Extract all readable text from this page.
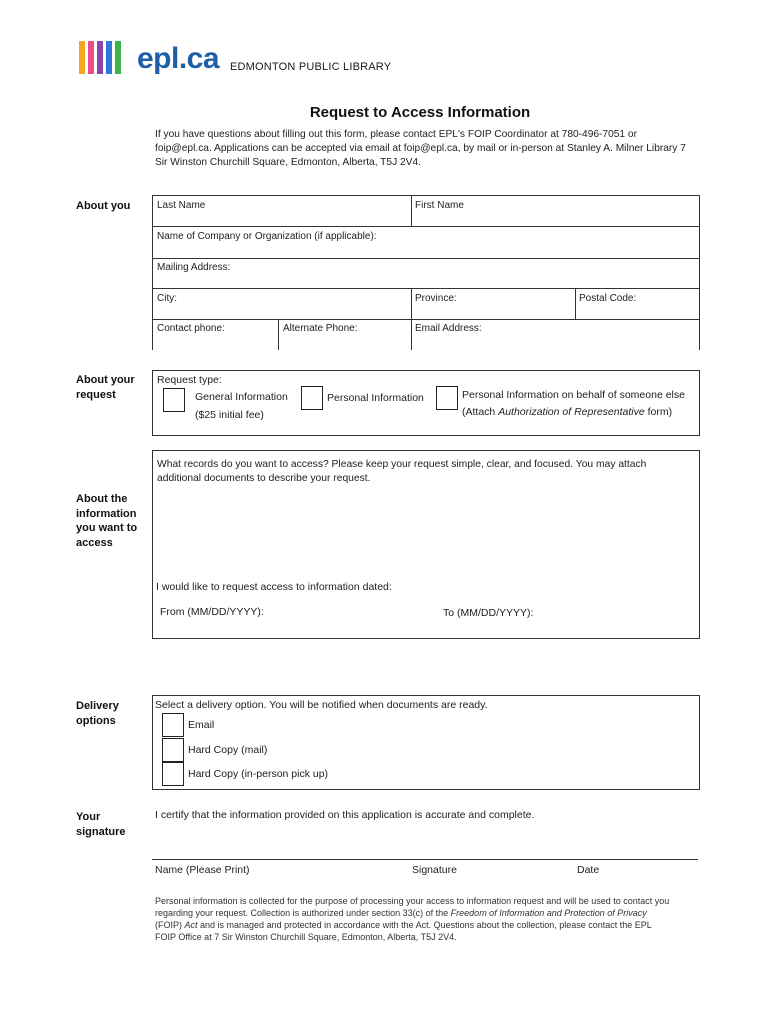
epl.ca EDMONTON PUBLIC LIBRARY
Request to Access Information
If you have questions about filling out this form, please contact EPL's FOIP Coordinator at 780-496-7051 or foip@epl.ca. Applications can be accepted via email at foip@epl.ca, by mail or in-person at Stanley A. Milner Library 7 Sir Winston Churchill Square, Edmonton, Alberta, T5J 2V4.
About you	Last Name	First Name
Name of Company or Organization (if applicable):
Mailing Address:
City:	Province:	Postal Code:
Contact phone:	Alternate Phone:	Email Address:
About your
request
Request type:
General Information
($25 initial fee)
Personal Information	Personal Information on behalf of someone else
(Attach Authorization of Representative form)
About the
information
you want to
access
What records do you want to access? Please keep your request simple, clear, and focused. You may attach additional documents to describe your request.
I would like to request access to information dated:
From (MM/DD/YYYY):	To (MM/DD/YYYY):
Delivery
options
Select a delivery option. You will be notified when documents are ready.
Email
Hard Copy (mail)
Hard Copy (in-person pick up)
Your
signature
I certify that the information provided on this application is accurate and complete.
Name (Please Print)	Signature	Date
Personal information is collected for the purpose of processing your access to information request and will be used to contact you regarding your request. Collection is authorized under section 33(c) of the Freedom of Information and Protection of Privacy (FOIP) Act and is managed and protected in accordance with the Act. Questions about the collection, please contact the EPL FOIP Office at 7 Sir Winston Churchill Square, Edmonton, Alberta, T5J 2V4.
